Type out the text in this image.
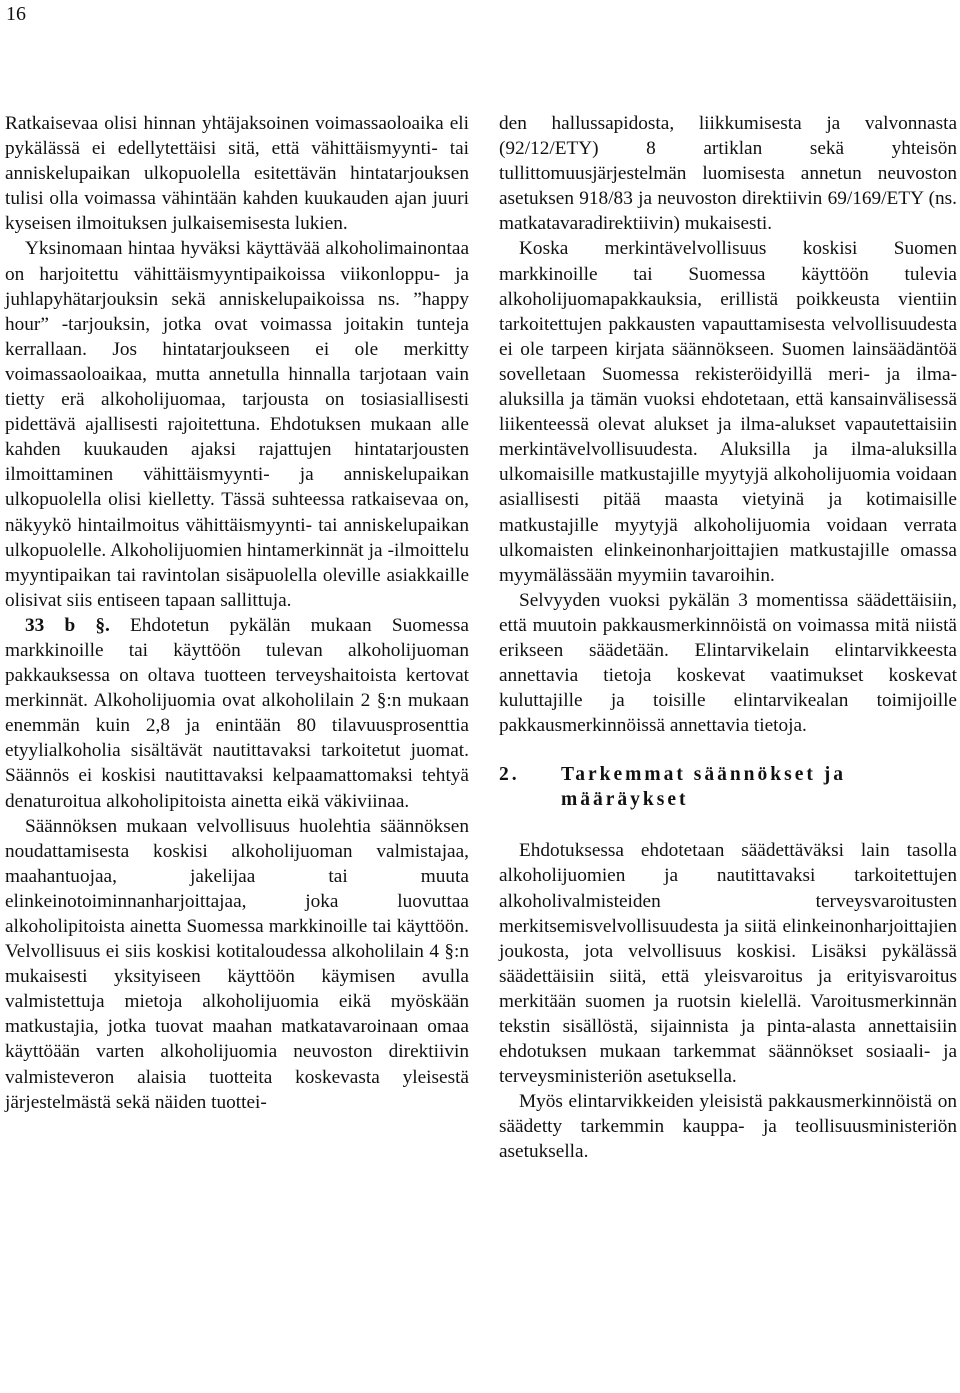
16

Ratkaisevaa olisi hinnan yhtäjaksoinen voimassaoloaika eli pykälässä ei edellytettäisi sitä, että vähittäismyynti- tai anniskelupaikan ulkopuolella esitettävän hintatarjouksen tulisi olla voimassa vähintään kahden kuukauden ajan juuri kyseisen ilmoituksen julkaisemisesta lukien.

Yksinomaan hintaa hyväksi käyttävää alkoholimainontaa on harjoitettu vähittäismyyntipaikoissa viikonloppu- ja juhlapyhätarjouksin sekä anniskelupaikoissa ns. ”happy hour” -tarjouksin, jotka ovat voimassa joitakin tunteja kerrallaan. Jos hintatarjoukseen ei ole merkitty voimassaoloaikaa, mutta annetulla hinnalla tarjotaan vain tietty erä alkoholijuomaa, tarjousta on tosiasiallisesti pidettävä ajallisesti rajoitettuna. Ehdotuksen mukaan alle kahden kuukauden ajaksi rajattujen hintatarjousten ilmoittaminen vähittäismyynti- ja anniskelupaikan ulkopuolella olisi kielletty. Tässä suhteessa ratkaisevaa on, näkyykö hintailmoitus vähittäismyynti- tai anniskelupaikan ulkopuolelle. Alkoholijuomien hintamerkinnät ja -ilmoittelu myyntipaikan tai ravintolan sisäpuolella oleville asiakkaille olisivat siis entiseen tapaan sallittuja.

33 b §. Ehdotetun pykälän mukaan Suomessa markkinoille tai käyttöön tulevan alkoholijuoman pakkauksessa on oltava tuotteen terveyshaitoista kertovat merkinnät. Alkoholijuomia ovat alkoholilain 2 §:n mukaan enemmän kuin 2,8 ja enintään 80 tilavuusprosenttia etyylialkoholia sisältävät nautittavaksi tarkoitetut juomat. Säännös ei koskisi nautittavaksi kelpaamattomaksi tehtyä denaturoitua alkoholipitoista ainetta eikä väkiviinaa.

Säännöksen mukaan velvollisuus huolehtia säännöksen noudattamisesta koskisi alkoholijuoman valmistajaa, maahantuojaa, jakelijaa tai muuta elinkeinotoiminnanharjoittajaa, joka luovuttaa alkoholipitoista ainetta Suomessa markkinoille tai käyttöön. Velvollisuus ei siis koskisi kotitaloudessa alkoholilain 4 §:n mukaisesti yksityiseen käyttöön käymisen avulla valmistettuja mietoja alkoholijuomia eikä myöskään matkustajia, jotka tuovat maahan matkatavaroinaan omaa käyttöään varten alkoholijuomia neuvoston direktiivin valmisteveron alaisia tuotteita koskevasta yleisestä järjestelmästä sekä näiden tuottei-

den hallussapidosta, liikkumisesta ja valvonnasta (92/12/ETY) 8 artiklan sekä yhteisön tullittomuusjärjestelmän luomisesta annetun neuvoston asetuksen 918/83 ja neuvoston direktiivin 69/169/ETY (ns. matkatavaradirektiivin) mukaisesti.

Koska merkintävelvollisuus koskisi Suomen markkinoille tai Suomessa käyttöön tulevia alkoholijuomapakkauksia, erillistä poikkeusta vientiin tarkoitettujen pakkausten vapauttamisesta velvollisuudesta ei ole tarpeen kirjata säännökseen. Suomen lainsäädäntöä sovelletaan Suomessa rekisteröidyillä meri- ja ilma-aluksilla ja tämän vuoksi ehdotetaan, että kansainvälisessä liikenteessä olevat alukset ja ilma-alukset vapautettaisiin merkintävelvollisuudesta. Aluksilla ja ilma-aluksilla ulkomaisille matkustajille myytyjä alkoholijuomia voidaan asiallisesti pitää maasta vietyinä ja kotimaisille matkustajille myytyjä alkoholijuomia voidaan verrata ulkomaisten elinkeinonharjoittajien matkustajille omassa myymälässään myymiin tavaroihin.

Selvyyden vuoksi pykälän 3 momentissa säädettäisiin, että muutoin pakkausmerkinnöistä on voimassa mitä niistä erikseen säädetään. Elintarvikelain elintarvikkeesta annettavia tietoja koskevat vaatimukset koskevat kuluttajille ja toisille elintarvikealan toimijoille pakkausmerkinnöissä annettavia tietoja.

2.	Tarkemmat säännökset ja määräykset

Ehdotuksessa ehdotetaan säädettäväksi lain tasolla alkoholijuomien ja nautittavaksi tarkoitettujen alkoholivalmisteiden terveysvaroitusten merkitsemisvelvollisuudesta ja siitä elinkeinonharjoittajien joukosta, jota velvollisuus koskisi. Lisäksi pykälässä säädettäisiin siitä, että yleisvaroitus ja erityisvaroitus merkitään suomen ja ruotsin kielellä. Varoitusmerkinnän tekstin sisällöstä, sijainnista ja pinta-alasta annettaisiin ehdotuksen mukaan tarkemmat säännökset sosiaali- ja terveysministeriön asetuksella.

Myös elintarvikkeiden yleisistä pakkausmerkinnöistä on säädetty tarkemmin kauppa- ja teollisuusministeriön asetuksella.
